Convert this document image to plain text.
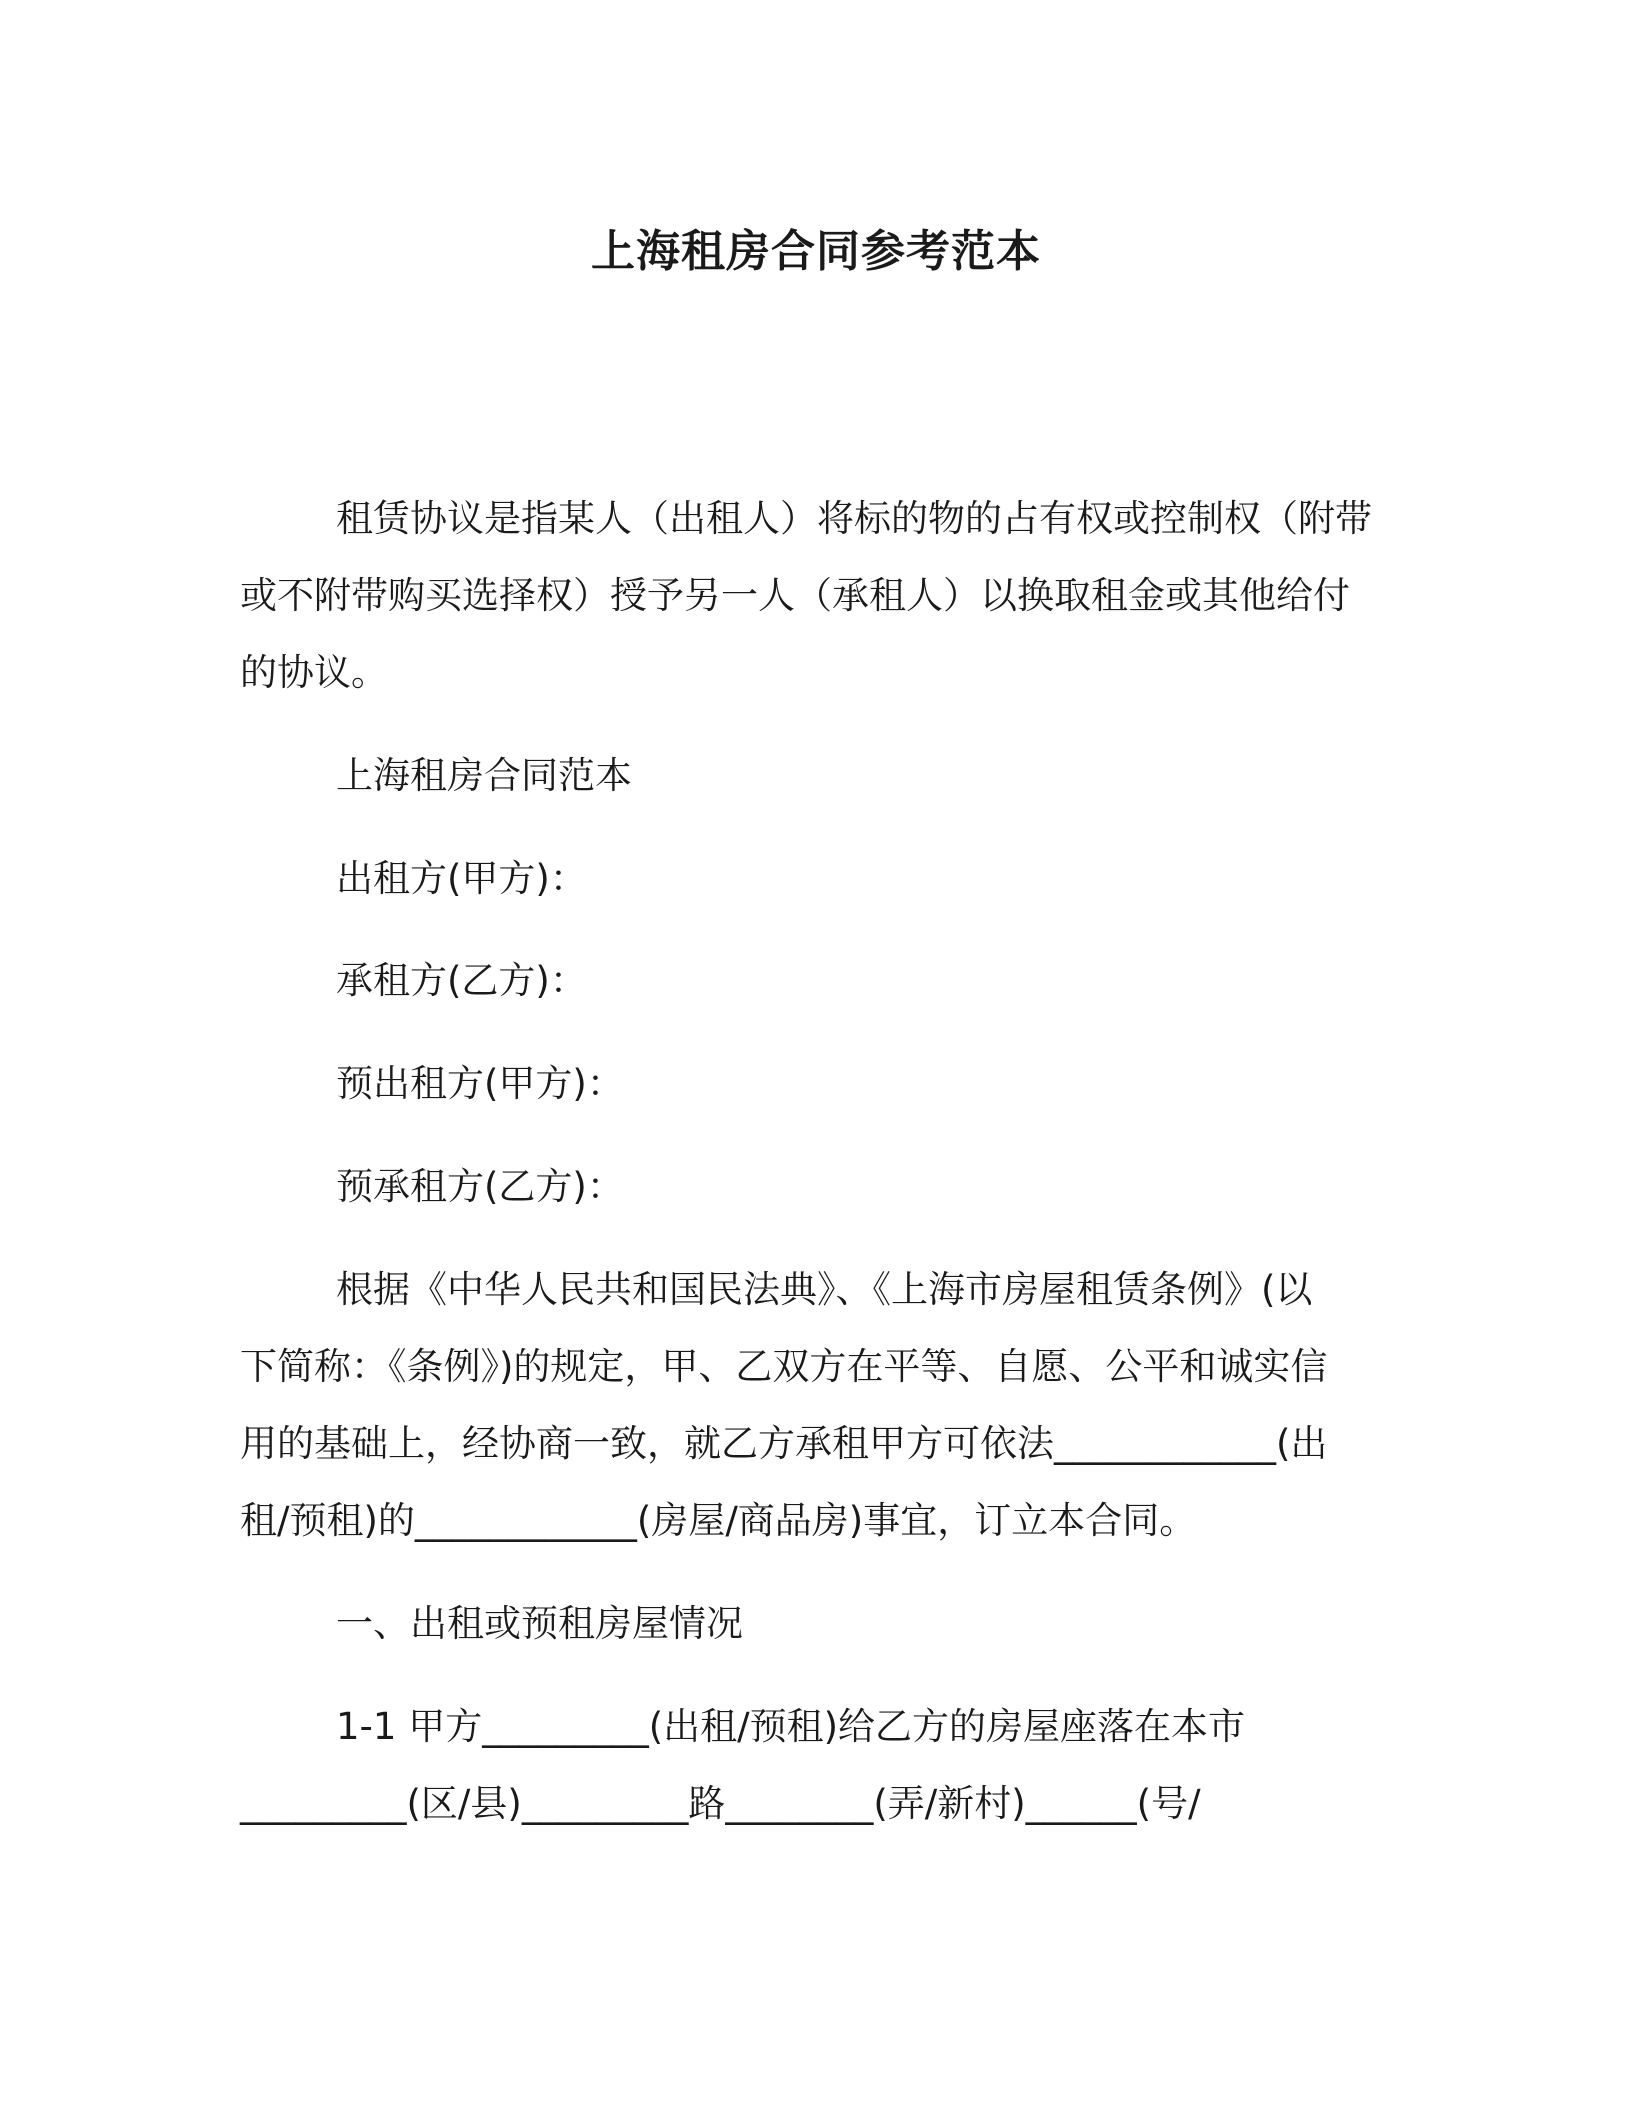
上海租房合同参考范本

租赁协议是指某人（出租人）将标的物的占有权或控制权（附带

或不附带购买选择权）授予另一人（承租人）以换取租金或其他给付

的协议。

上海租房合同范本

出租方(甲方)：

承租方(乙方)：

预出租方(甲方)：

预承租方(乙方)：

根据《中华人民共和国民法典》、《上海市房屋租赁条例》(以

下简称：《条例》)的规定，甲、乙双方在平等、自愿、公平和诚实信

用的基础上，经协商一致，就乙方承租甲方可依法____________(出

租/预租)的____________(房屋/商品房)事宜，订立本合同。

一、出租或预租房屋情况

1-1 甲方_________(出租/预租)给乙方的房屋座落在本市

_________(区/县)_________路________(弄/新村)______(号/
